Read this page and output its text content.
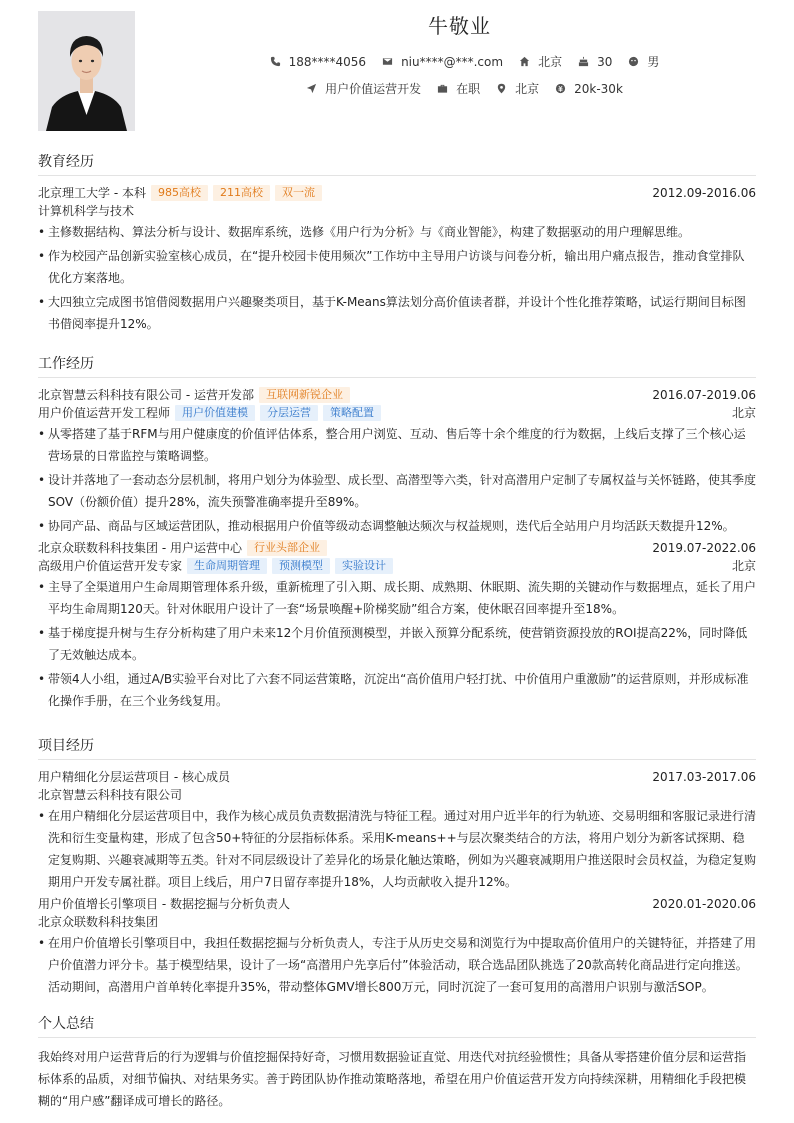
牛敬业
188****4056	niu****@***.com	北京	30	男
用户价值运营开发	在职	北京	20k-30k
教育经历
北京理工大学 - 本科	985高校	211高校	双一流	2012.09-2016.06
计算机科学与技术
• 主修数据结构、算法分析与设计、数据库系统，选修《用户行为分析》与《商业智能》，构建了数据驱动的用户理解思维。
• 作为校园产品创新实验室核心成员，在“提升校园卡使用频次”工作坊中主导用户访谈与问卷分析，输出用户痛点报告，推动食堂排队优化方案落地。
• 大四独立完成图书馆借阅数据用户兴趣聚类项目，基于K-Means算法划分高价值读者群，并设计个性化推荐策略，试运行期间目标图书借阅率提升12%。
工作经历
北京智慧云科科技有限公司 - 运营开发部	互联网新锐企业	2016.07-2019.06
用户价值运营开发工程师	用户价值建模	分层运营	策略配置	北京
• 从零搭建了基于RFM与用户健康度的价值评估体系，整合用户浏览、互动、售后等十余个维度的行为数据，上线后支撑了三个核心运营场景的日常监控与策略调整。
• 设计并落地了一套动态分层机制，将用户划分为体验型、成长型、高潜型等六类，针对高潜用户定制了专属权益与关怀链路，使其季度SOV（份额价值）提升28%，流失预警准确率提升至89%。
• 协同产品、商品与区域运营团队，推动根据用户价值等级动态调整触达频次与权益规则，迭代后全站用户月均活跃天数提升12%。
北京众联数科科技集团 - 用户运营中心	行业头部企业	2019.07-2022.06
高级用户价值运营开发专家	生命周期管理	预测模型	实验设计	北京
• 主导了全渠道用户生命周期管理体系升级，重新梳理了引入期、成长期、成熟期、休眠期、流失期的关键动作与数据埋点，延长了用户平均生命周期120天。针对休眠用户设计了一套“场景唤醒+阶梯奖励”组合方案，使休眠召回率提升至18%。
• 基于梯度提升树与生存分析构建了用户未来12个月价值预测模型，并嵌入预算分配系统，使营销资源投放的ROI提高22%，同时降低了无效触达成本。
• 带领4人小组，通过A/B实验平台对比了六套不同运营策略，沉淀出“高价值用户轻打扰、中价值用户重激励”的运营原则，并形成标准化操作手册，在三个业务线复用。
项目经历
用户精细化分层运营项目 - 核心成员	2017.03-2017.06
北京智慧云科科技有限公司
• 在用户精细化分层运营项目中，我作为核心成员负责数据清洗与特征工程。通过对用户近半年的行为轨迹、交易明细和客服记录进行清洗和衍生变量构建，形成了包含50+特征的分层指标体系。采用K-means++与层次聚类结合的方法，将用户划分为新客试探期、稳定复购期、兴趣衰减期等五类。针对不同层级设计了差异化的场景化触达策略，例如为兴趣衰减期用户推送限时会员权益，为稳定复购期用户开发专属社群。项目上线后，用户7日留存率提升18%，人均贡献收入提升12%。
用户价值增长引擎项目 - 数据挖掘与分析负责人	2020.01-2020.06
北京众联数科科技集团
• 在用户价值增长引擎项目中，我担任数据挖掘与分析负责人，专注于从历史交易和浏览行为中提取高价值用户的关键特征，并搭建了用户价值潜力评分卡。基于模型结果，设计了一场“高潜用户先享后付”体验活动，联合选品团队挑选了20款高转化商品进行定向推送。活动期间，高潜用户首单转化率提升35%，带动整体GMV增长800万元，同时沉淀了一套可复用的高潜用户识别与激活SOP。
个人总结
我始终对用户运营背后的行为逻辑与价值挖掘保持好奇，习惯用数据验证直觉、用迭代对抗经验惯性；具备从零搭建价值分层和运营指标体系的品质，对细节偏执、对结果务实。善于跨团队协作推动策略落地，希望在用户价值运营开发方向持续深耕，用精细化手段把模糊的“用户感”翻译成可增长的路径。
